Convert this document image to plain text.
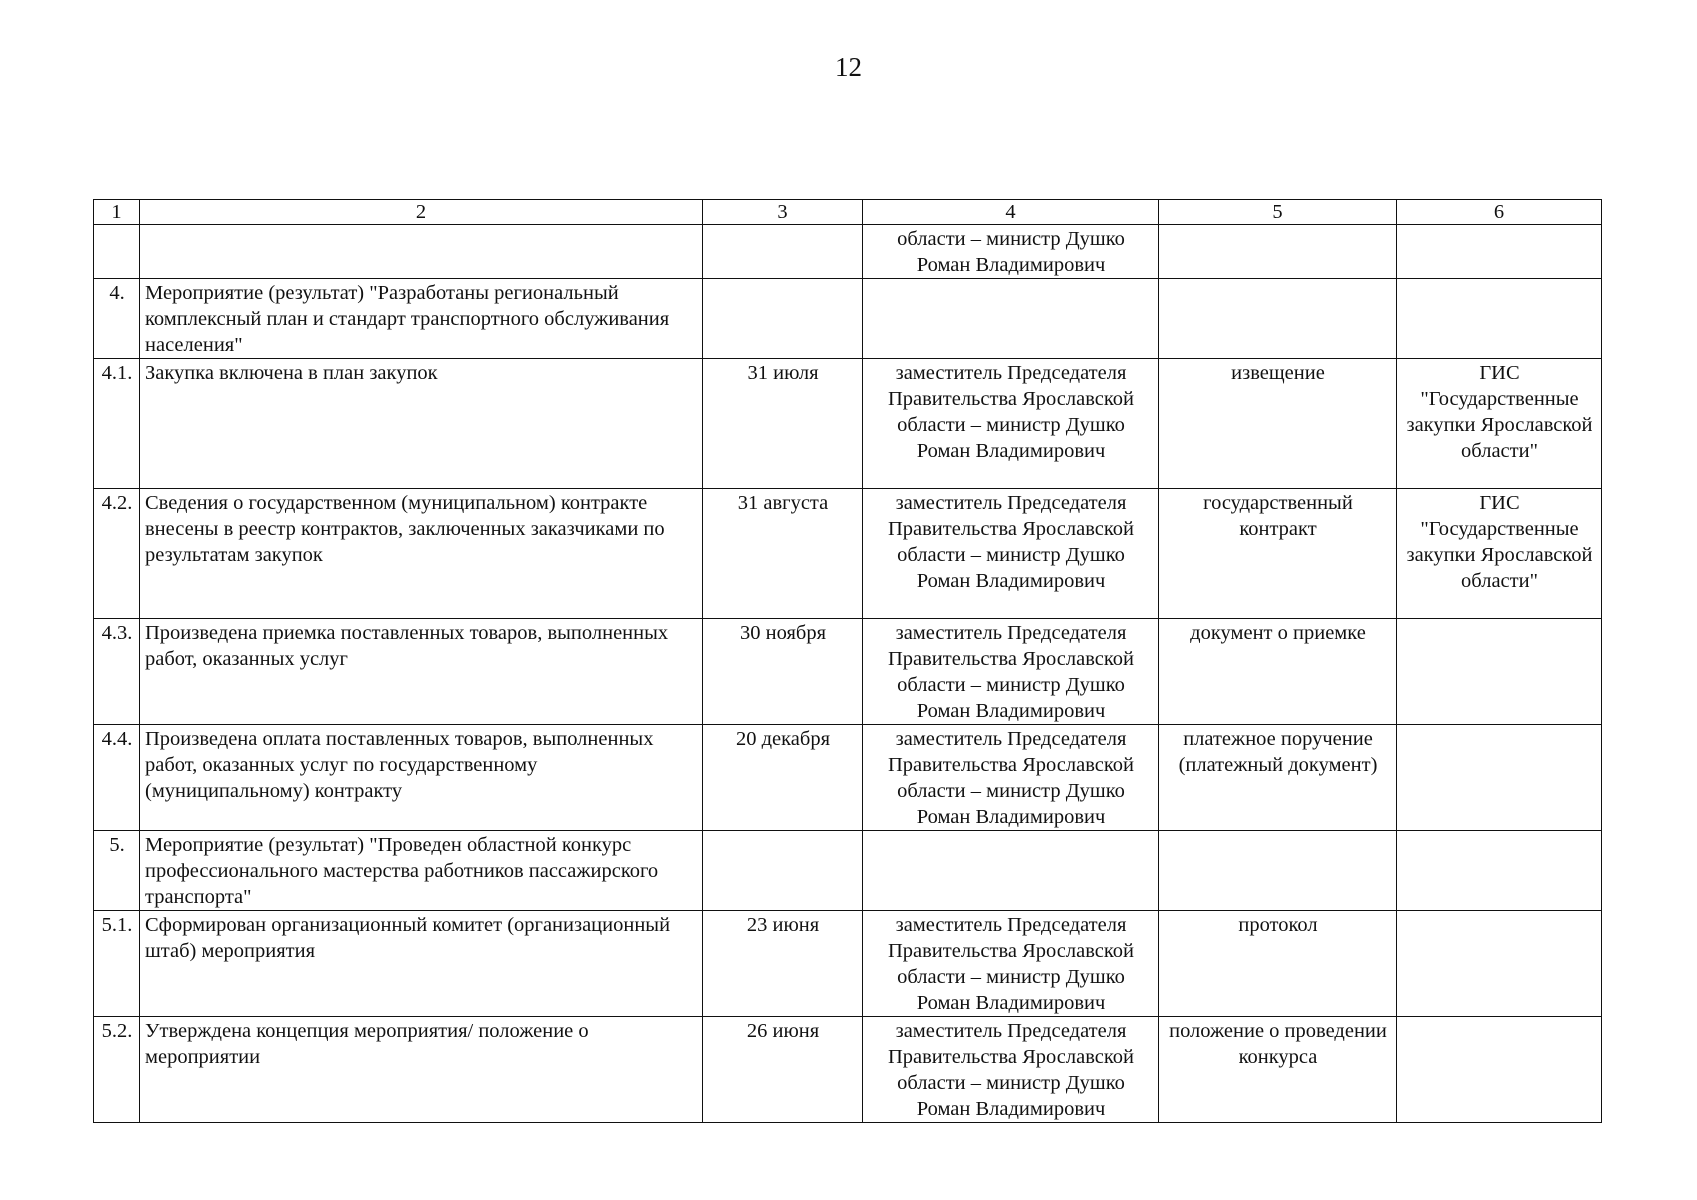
12
1	2	3	4	5	6
			области – министр Душко Роман Владимирович		
4.	Мероприятие (результат) "Разработаны региональный комплексный план и стандарт транспортного обслуживания населения"				
4.1.	Закупка включена в план закупок	31 июля	заместитель Председателя Правительства Ярославской области – министр Душко Роман Владимирович	извещение	ГИС "Государственные закупки Ярославской области"
4.2.	Сведения о государственном (муниципальном) контракте внесены в реестр контрактов, заключенных заказчиками по результатам закупок	31 августа	заместитель Председателя Правительства Ярославской области – министр Душко Роман Владимирович	государственный контракт	ГИС "Государственные закупки Ярославской области"
4.3.	Произведена приемка поставленных товаров, выполненных работ, оказанных услуг	30 ноября	заместитель Председателя Правительства Ярославской области – министр Душко Роман Владимирович	документ о приемке	
4.4.	Произведена оплата поставленных товаров, выполненных работ, оказанных услуг по государственному (муниципальному) контракту	20 декабря	заместитель Председателя Правительства Ярославской области – министр Душко Роман Владимирович	платежное поручение (платежный документ)	
5.	Мероприятие (результат) "Проведен областной конкурс профессионального мастерства работников пассажирского транспорта"				
5.1.	Сформирован организационный комитет (организационный штаб) мероприятия	23 июня	заместитель Председателя Правительства Ярославской области – министр Душко Роман Владимирович	протокол	
5.2.	Утверждена концепция мероприятия/ положение о мероприятии	26 июня	заместитель Председателя Правительства Ярославской области – министр Душко Роман Владимирович	положение о проведении конкурса	
